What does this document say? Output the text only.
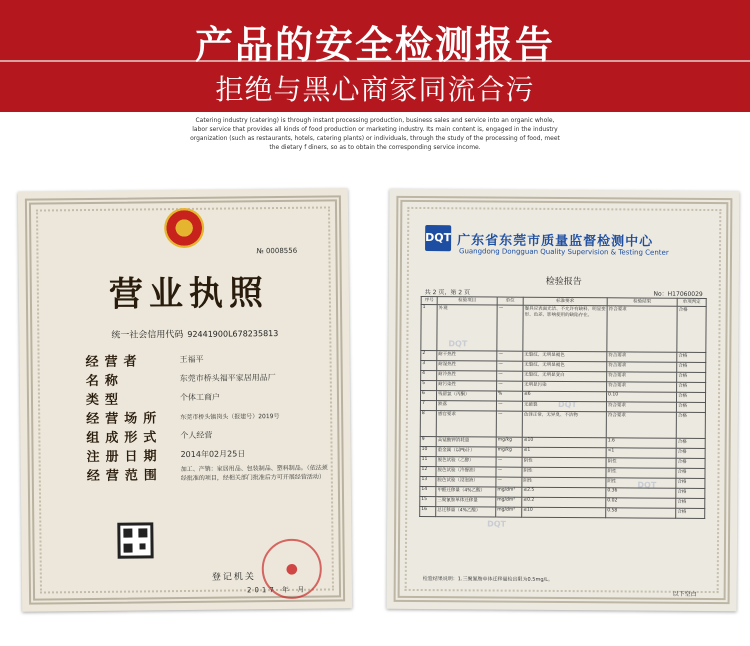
产品的安全检测报告
拒绝与黑心商家同流合污
Catering industry (catering) is through instant processing production, business sales and service into an organic whole, labor service that provides all kinds of food production or marketing industry. Its main content is, engaged in the industry organization (such as restaurants, hotels, catering plants) or individuals, through the study of the processing of food, meet the dietary f diners, so as to obtain the corresponding service income.
№ 0008556
营业执照
统一社会信用代码 92441900L678235813
经营者	王福平
名称	东莞市桥头福平家居用品厂
类型	个体工商户
经营场所	东莞市桥头镇岗头（报建号）2019号
组成形式	个人经营
注册日期	2014年02月25日
经营范围	加工、产销：家居用品、包装制品、塑料制品。（依法须经批准的项目，经相关部门批准后方可开展经营活动）
●
登记机关
2017 年 月
DQT 广东省东莞市质量监督检测中心
Guangdong Dongguan Quality Supervision & Testing Center
检验报告
共 2 页，第 2 页	No：H17060029
DQT
DQT
DQT
DQT
序号	检验项目	单位	标准要求	检验结果	单项判定
1	外观	—	餐具应表面光洁、不允许有缺料、明显变形、色差、影响使用的缺陷存在。	符合要求	合格
2	耐干热性	—	无裂纹、无明显褪色	符合要求	合格
3	耐湿热性	—	无裂纹、无明显褪色	符合要求	合格
4	耐冷热性	—	无裂纹、无明显变白	符合要求	合格
5	耐污染性	—	无明显污染	符合要求	合格
6	残留氯（丙酮）	%	≤6	0.10	合格
7	跌落	—	无破裂	符合要求	合格
8	感官要求	—	色泽正常，无异臭、不洁物	符合要求	合格
9	高锰酸钾消耗量	mg/kg	≤10	1.6	合格
10	重金属（以Pb计）	mg/kg	≤1	<1	合格
11	脱色试验（乙醇）	—	阴性	阴性	合格
12	脱色试验（冷餐油）	—	阴性	阴性	合格
13	脱色试验（浸泡液）	—	阴性	阴性	合格
14	甲醛迁移量（4%乙酸）	mg/dm²	≤2.5	0.36	合格
15	三聚氰胺单体迁移量	mg/dm²	≤0.2	0.02	合格
16	总迁移量（4%乙酸）	mg/dm²	≤10	0.58	合格
检验结果说明：1.三聚氰胺单体迁移量检出限为0.5mg/L。
以下空白
